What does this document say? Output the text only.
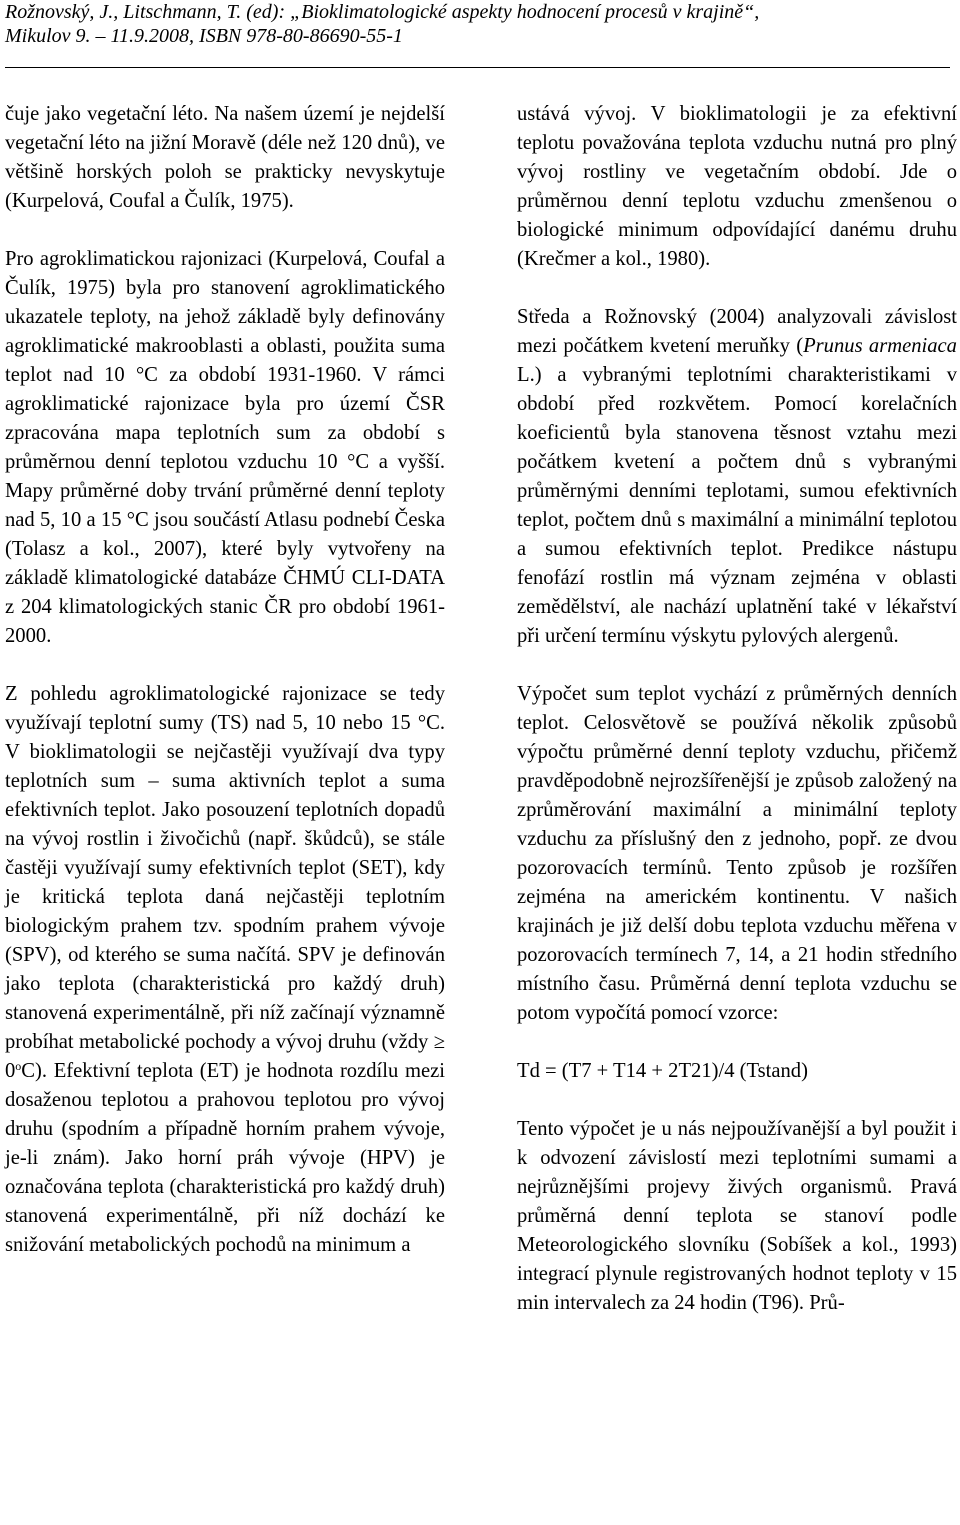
Rožnovský, J., Litschmann, T. (ed): „Bioklimatologické aspekty hodnocení procesů v krajině“,

Mikulov 9. – 11.9.2008, ISBN 978-80-86690-55-1

čuje jako vegetační léto. Na našem území je nejdelší vegetační léto na jižní Moravě (déle než 120 dnů), ve většině horských poloh se prakticky nevyskytuje (Kurpelová, Coufal a Čulík, 1975).

Pro agroklimatickou rajonizaci (Kurpelová, Coufal a Čulík, 1975) byla pro stanovení agroklimatického ukazatele teploty, na jehož základě byly definovány agroklimatické makrooblasti a oblasti, použita suma teplot nad 10 °C za období 1931-1960. V rámci agroklimatické rajonizace byla pro území ČSR zpracována mapa teplotních sum za období s průměrnou denní teplotou vzduchu 10 °C a vyšší. Mapy průměrné doby trvání průměrné denní teploty nad 5, 10 a 15 °C jsou součástí Atlasu podnebí Česka (Tolasz a kol., 2007), které byly vytvořeny na základě klimatologické databáze ČHMÚ CLI-DATA z 204 klimatologických stanic ČR pro období 1961-2000.

Z pohledu agroklimatologické rajonizace se tedy využívají teplotní sumy (TS) nad 5, 10 nebo 15 °C. V bioklimatologii se nejčastěji využívají dva typy teplotních sum – suma aktivních teplot a suma efektivních teplot. Jako posouzení teplotních dopadů na vývoj rostlin i živočichů (např. škůdců), se stále častěji využívají sumy efektivních teplot (SET), kdy je kritická teplota daná nejčastěji teplotním biologickým prahem tzv. spodním prahem vývoje (SPV), od kterého se suma načítá. SPV je definován jako teplota (charakteristická pro každý druh) stanovená experimentálně, při níž začínají významně probíhat metabolické pochody a vývoj druhu (vždy ≥ $0^oC$). Efektivní teplota (ET) je hodnota rozdílu mezi dosaženou teplotou a prahovou teplotou pro vývoj druhu (spodním a případně horním prahem vývoje, je-li znám). Jako horní práh vývoje (HPV) je označována teplota (charakteristická pro každý druh) stanovená experimentálně, při níž dochází ke snižování metabolických pochodů na minimum a

ustává vývoj. V bioklimatologii je za efektivní teplotu považována teplota vzduchu nutná pro plný vývoj rostliny ve vegetačním období. Jde o průměrnou denní teplotu vzduchu zmenšenou o biologické minimum odpovídající danému druhu (Krečmer a kol., 1980).

Středa a Rožnovský (2004) analyzovali závislost mezi počátkem kvetení meruňky (Prunus armeniaca L.) a vybranými teplotními charakteristikami v období před rozkvětem. Pomocí korelačních koeficientů byla stanovena těsnost vztahu mezi počátkem kvetení a počtem dnů s vybranými průměrnými denními teplotami, sumou efektivních teplot, počtem dnů s maximální a minimální teplotou a sumou efektivních teplot. Predikce nástupu fenofází rostlin má význam zejména v oblasti zemědělství, ale nachází uplatnění také v lékařství při určení termínu výskytu pylových alergenů.

Výpočet sum teplot vychází z průměrných denních teplot. Celosvětově se používá několik způsobů výpočtu průměrné denní teploty vzduchu, přičemž pravděpodobně nejrozšířenější je způsob založený na zprůměrování maximální a minimální teploty vzduchu za příslušný den z jednoho, popř. ze dvou pozorovacích termínů. Tento způsob je rozšířen zejména na americkém kontinentu. V našich krajinách je již delší dobu teplota vzduchu měřena v pozorovacích termínech 7, 14, a 21 hodin středního místního času. Průměrná denní teplota vzduchu se potom vypočítá pomocí vzorce:

Td = (T7 + T14 + 2T21)/4 (Tstand)

Tento výpočet je u nás nejpoužívanější a byl použit i k odvození závislostí mezi teplotními sumami a nejrůznějšími projevy živých organismů. Pravá průměrná denní teplota se stanoví podle Meteorologického slovníku (Sobíšek a kol., 1993) integrací plynule registrovaných hodnot teploty v 15 min intervalech za 24 hodin (T96). Prů-
